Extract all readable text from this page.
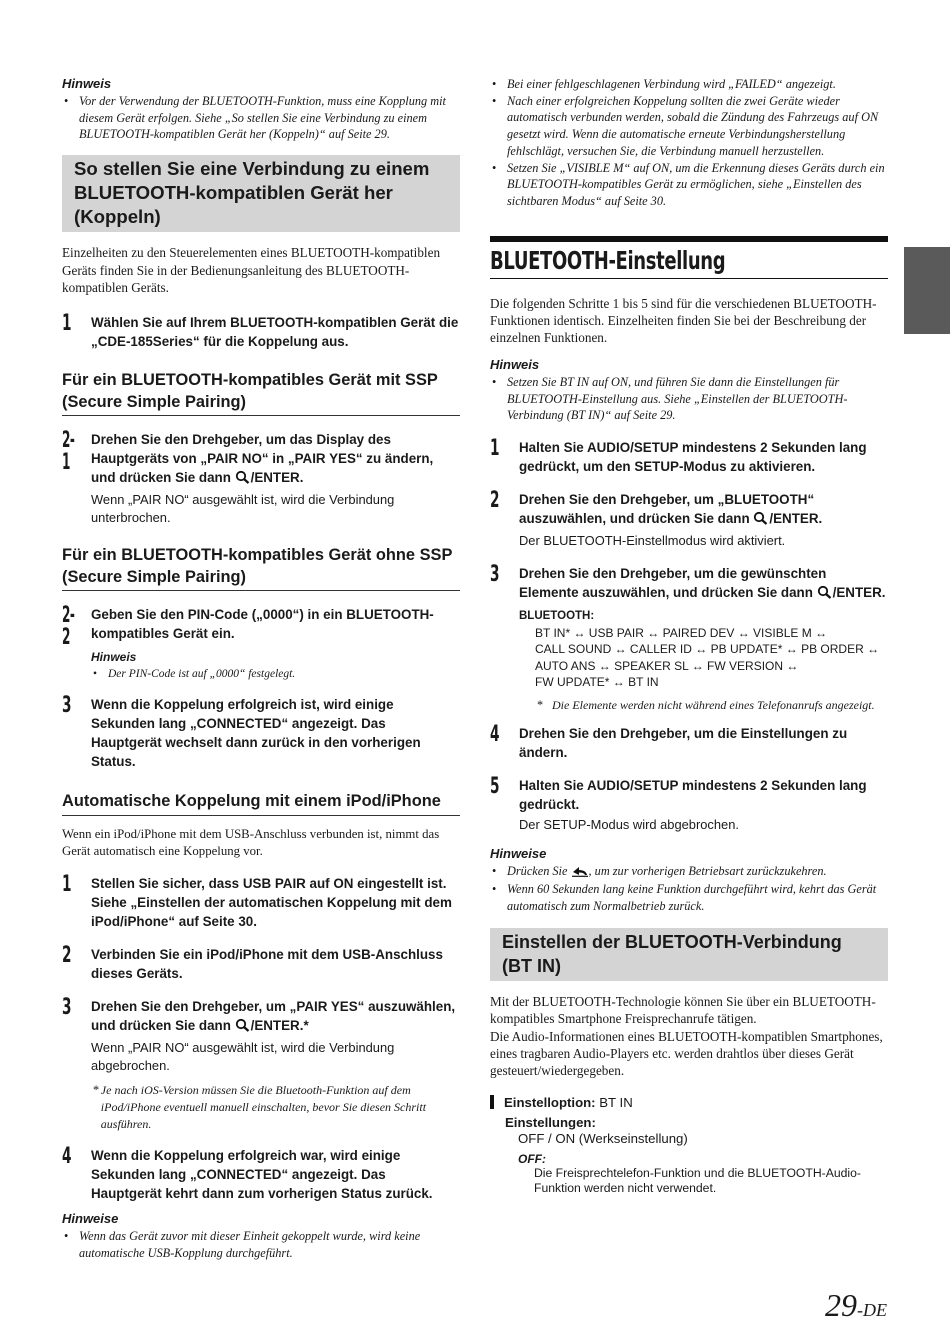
Hinweis
• Vor der Verwendung der BLUETOOTH-Funktion, muss eine Kopplung mit diesem Gerät erfolgen. Siehe „So stellen Sie eine Verbindung zu einem BLUETOOTH-kompatiblen Gerät her (Koppeln)“ auf Seite 29.
So stellen Sie eine Verbindung zu einem BLUETOOTH-kompatiblen Gerät her (Koppeln)

Einzelheiten zu den Steuerelementen eines BLUETOOTH-kompatiblen Geräts finden Sie in der Bedienungsanleitung des BLUETOOTH-kompatiblen Geräts.

1	Wählen Sie auf Ihrem BLUETOOTH-kompatiblen Gerät die „CDE-185Series“ für die Koppelung aus.
Für ein BLUETOOTH-kompatibles Gerät mit SSP (Secure Simple Pairing)
2-1
Drehen Sie den Drehgeber, um das Display des Hauptgeräts von „PAIR NO“ in „PAIR YES“ zu ändern, und drücken Sie dann /ENTER.
Wenn „PAIR NO“ ausgewählt ist, wird die Verbindung unterbrochen.
Für ein BLUETOOTH-kompatibles Gerät ohne SSP (Secure Simple Pairing)
2-2
Geben Sie den PIN-Code („0000“) in ein BLUETOOTH-kompatibles Gerät ein.
Hinweis
• Der PIN-Code ist auf „0000“ festgelegt.
3	Wenn die Koppelung erfolgreich ist, wird einige Sekunden lang „CONNECTED“ angezeigt. Das Hauptgerät wechselt dann zurück in den vorherigen Status.
Automatische Koppelung mit einem iPod/iPhone

Wenn ein iPod/iPhone mit dem USB-Anschluss verbunden ist, nimmt das Gerät automatisch eine Koppelung vor.

1	Stellen Sie sicher, dass USB PAIR auf ON eingestellt ist. Siehe „Einstellen der automatischen Koppelung mit dem iPod/iPhone“ auf Seite 30.
2	Verbinden Sie ein iPod/iPhone mit dem USB-Anschluss dieses Geräts.
3	Drehen Sie den Drehgeber, um „PAIR YES“ auszuwählen, und drücken Sie dann /ENTER.*
Wenn „PAIR NO“ ausgewählt ist, wird die Verbindung abgebrochen.
* Je nach iOS-Version müssen Sie die Bluetooth-Funktion auf dem iPod/iPhone eventuell manuell einschalten, bevor Sie diesen Schritt ausführen.
4	Wenn die Koppelung erfolgreich war, wird einige Sekunden lang „CONNECTED“ angezeigt. Das Hauptgerät kehrt dann zum vorherigen Status zurück.
Hinweise
• Wenn das Gerät zuvor mit dieser Einheit gekoppelt wurde, wird keine automatische USB-Kopplung durchgeführt.
• Bei einer fehlgeschlagenen Verbindung wird „FAILED“ angezeigt.
• Nach einer erfolgreichen Koppelung sollten die zwei Geräte wieder automatisch verbunden werden, sobald die Zündung des Fahrzeugs auf ON gesetzt wird. Wenn die automatische erneute Verbindungsherstellung fehlschlägt, versuchen Sie, die Verbindung manuell herzustellen.
• Setzen Sie „VISIBLE M“ auf ON, um die Erkennung dieses Geräts durch ein BLUETOOTH-kompatibles Gerät zu ermöglichen, siehe „Einstellen des sichtbaren Modus“ auf Seite 30.
BLUETOOTH-Einstellung

Die folgenden Schritte 1 bis 5 sind für die verschiedenen BLUETOOTH-Funktionen identisch. Einzelheiten finden Sie bei der Beschreibung der einzelnen Funktionen.

Hinweis
• Setzen Sie BT IN auf ON, und führen Sie dann die Einstellungen für BLUETOOTH-Einstellung aus. Siehe „Einstellen der BLUETOOTH-Verbindung (BT IN)“ auf Seite 29.
1	Halten Sie AUDIO/SETUP mindestens 2 Sekunden lang gedrückt, um den SETUP-Modus zu aktivieren.
2	Drehen Sie den Drehgeber, um „BLUETOOTH“ auszuwählen, und drücken Sie dann /ENTER.
Der BLUETOOTH-Einstellmodus wird aktiviert.
3	Drehen Sie den Drehgeber, um die gewünschten Elemente auszuwählen, und drücken Sie dann /ENTER.
BLUETOOTH:
BT IN* ↔ USB PAIR ↔ PAIRED DEV ↔ VISIBLE M ↔
CALL SOUND ↔ CALLER ID ↔ PB UPDATE* ↔ PB ORDER ↔
AUTO ANS ↔ SPEAKER SL ↔ FW VERSION ↔
FW UPDATE* ↔ BT IN
* Die Elemente werden nicht während eines Telefonanrufs angezeigt.
4	Drehen Sie den Drehgeber, um die Einstellungen zu ändern.
5	Halten Sie AUDIO/SETUP mindestens 2 Sekunden lang gedrückt.
Der SETUP-Modus wird abgebrochen.
Hinweise
• Drücken Sie , um zur vorherigen Betriebsart zurückzukehren.
• Wenn 60 Sekunden lang keine Funktion durchgeführt wird, kehrt das Gerät automatisch zum Normalbetrieb zurück.
Einstellen der BLUETOOTH-Verbindung (BT IN)

Mit der BLUETOOTH-Technologie können Sie über ein BLUETOOTH-kompatibles Smartphone Freisprechanrufe tätigen.

Die Audio-Informationen eines BLUETOOTH-kompatiblen Smartphones, eines tragbaren Audio-Players etc. werden drahtlos über dieses Gerät gesteuert/wiedergegeben.

Einstelloption:
BT IN
Einstellungen:
OFF / ON (Werkseinstellung)
OFF:
Die Freisprechtelefon-Funktion und die BLUETOOTH-Audio-Funktion werden nicht verwendet.
29-DE
